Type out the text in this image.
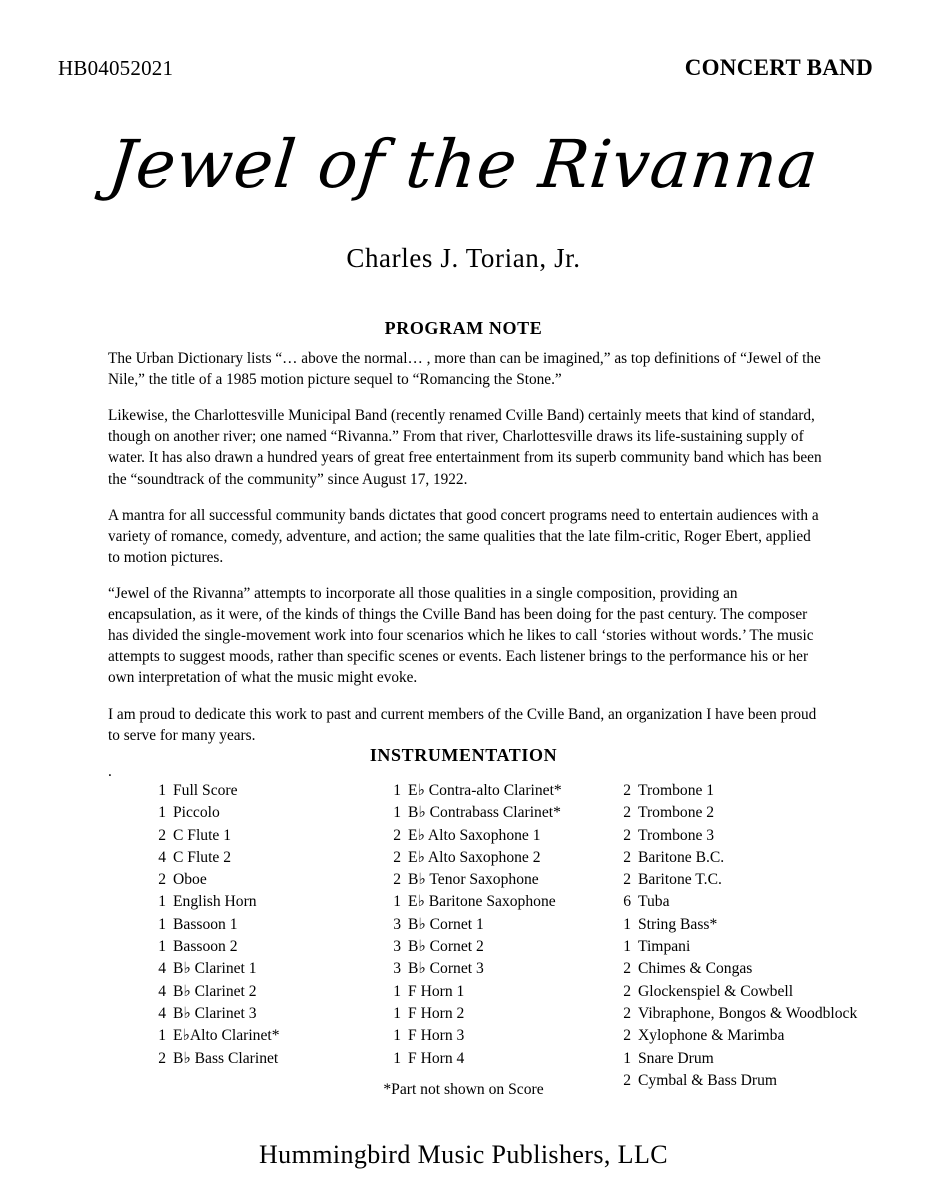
HB04052021	CONCERT BAND
Jewel of the Rivanna
Charles J. Torian, Jr.
PROGRAM NOTE

The Urban Dictionary lists “… above the normal… , more than can be imagined,” as top definitions of “Jewel of the Nile,” the title of a 1985 motion picture sequel to “Romancing the Stone.”

Likewise, the Charlottesville Municipal Band (recently renamed Cville Band) certainly meets that kind of standard, though on another river; one named “Rivanna.” From that river, Charlottesville draws its life-sustaining supply of water. It has also drawn a hundred years of great free entertainment from its superb community band which has been the “soundtrack of the community” since August 17, 1922.

A mantra for all successful community bands dictates that good concert programs need to entertain audiences with a variety of romance, comedy, adventure, and action; the same qualities that the late film-critic, Roger Ebert, applied to motion pictures.

“Jewel of the Rivanna” attempts to incorporate all those qualities in a single composition, providing an encapsulation, as it were, of the kinds of things the Cville Band has been doing for the past century. The composer has divided the single-movement work into four scenarios which he likes to call ‘stories without words.’ The music attempts to suggest moods, rather than specific scenes or events. Each listener brings to the performance his or her own interpretation of what the music might evoke.

I am proud to dedicate this work to past and current members of the Cville Band, an organization I have been proud to serve for many years.

.

INSTRUMENTATION
1 Full Score
1 Piccolo
2 C Flute 1
4 C Flute 2
2 Oboe
1 English Horn
1 Bassoon 1
1 Bassoon 2
4 B♭ Clarinet 1
4 B♭ Clarinet 2
4 B♭ Clarinet 3
1 E♭Alto Clarinet*
2 B♭ Bass Clarinet
1 E♭ Contra-alto Clarinet*
1 B♭ Contrabass Clarinet*
2 E♭ Alto Saxophone 1
2 E♭ Alto Saxophone 2
2 B♭ Tenor Saxophone
1 E♭ Baritone Saxophone
3 B♭ Cornet 1
3 B♭ Cornet 2
3 B♭ Cornet 3
1 F Horn 1
1 F Horn 2
1 F Horn 3
1 F Horn 4
2 Trombone 1
2 Trombone 2
2 Trombone 3
2 Baritone B.C.
2 Baritone T.C.
6 Tuba
1 String Bass*
1 Timpani
2 Chimes & Congas
2 Glockenspiel & Cowbell
2 Vibraphone, Bongos & Woodblock
2 Xylophone & Marimba
1 Snare Drum
2 Cymbal & Bass Drum
*Part not shown on Score
Hummingbird Music Publishers, LLC
